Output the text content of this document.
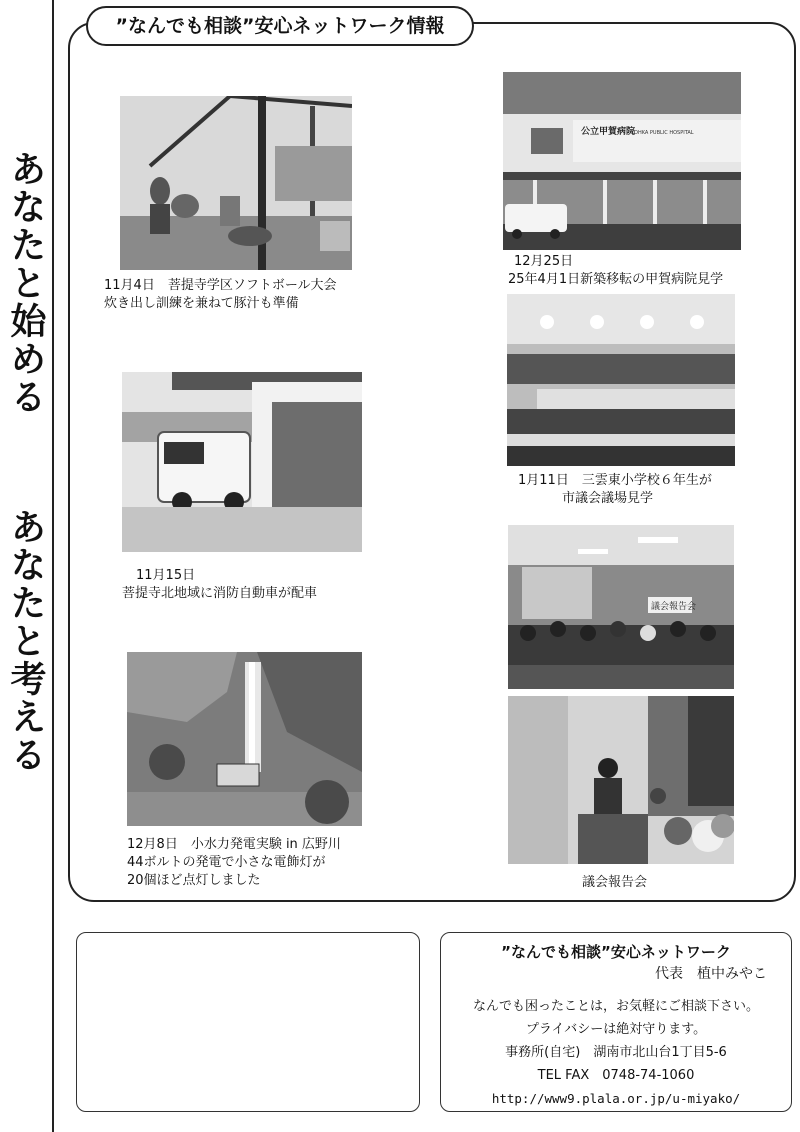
あなたと始める
あなたと考える
”なんでも相談”安心ネットワーク情報
11月4日　菩提寺学区ソフトボール大会
炊き出し訓練を兼ねて豚汁も準備
公立甲賀病院
KOHKA PUBLIC HOSPITAL
12月25日
25年4月1日新築移転の甲賀病院見学
1月11日　三雲東小学校６年生が
市議会議場見学
11月15日
菩提寺北地域に消防自動車が配車
議会報告会
議会報告会
12月8日　小水力発電実験 in 広野川
44ボルトの発電で小さな電飾灯が
20個ほど点灯しました
”なんでも相談”安心ネットワーク
代表　植中みやこ
なんでも困ったことは，お気軽にご相談下さい。
プライバシーは絶対守ります。
事務所(自宅)　湖南市北山台1丁目5-6
TEL FAX　0748-74-1060
http://www9.plala.or.jp/u-miyako/
